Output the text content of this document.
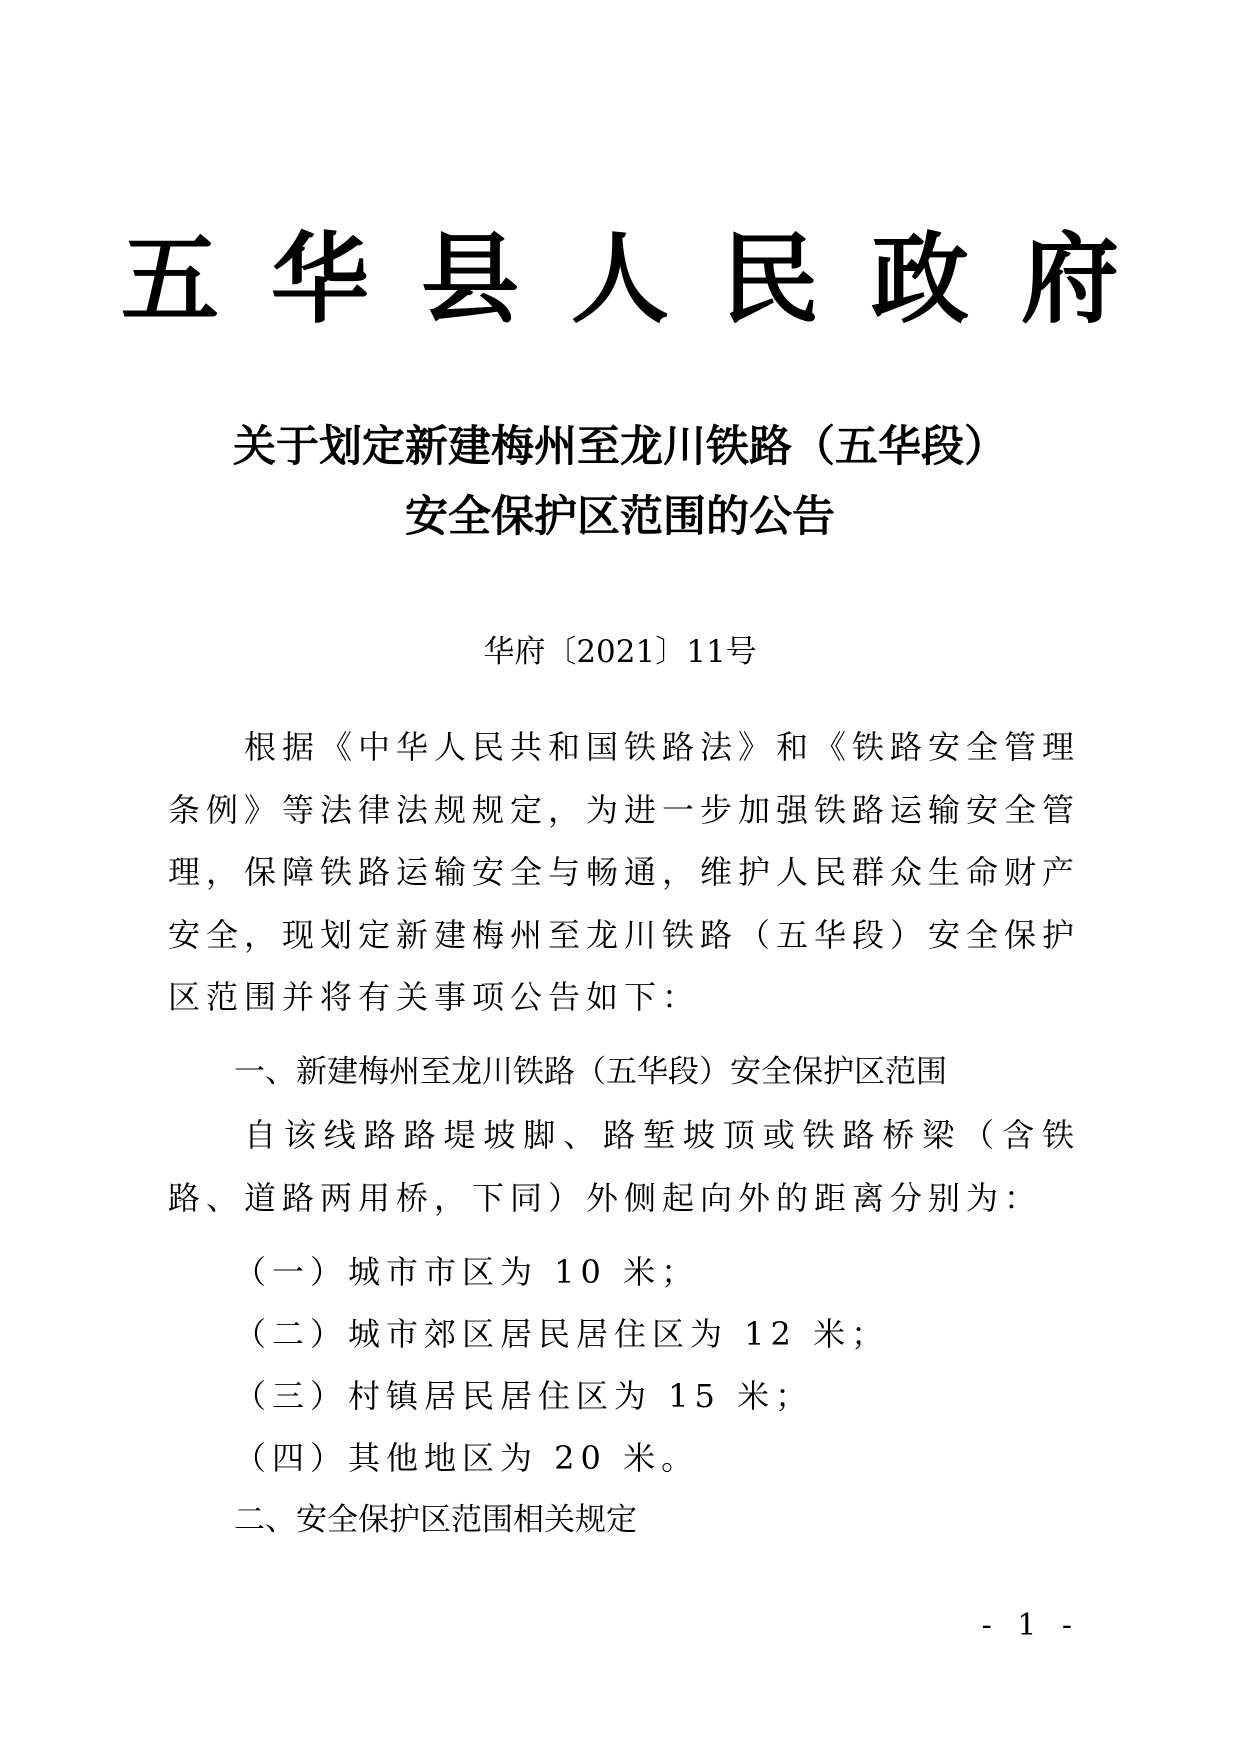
五华县人民政府
关于划定新建梅州至龙川铁路（五华段）
安全保护区范围的公告
华府〔2021〕11号

根据《中华人民共和国铁路法》和《铁路安全管理条例》等法律法规规定，为进一步加强铁路运输安全管理，保障铁路运输安全与畅通，维护人民群众生命财产安全，现划定新建梅州至龙川铁路（五华段）安全保护区范围并将有关事项公告如下：

一、新建梅州至龙川铁路（五华段）安全保护区范围

自该线路路堤坡脚、路堑坡顶或铁路桥梁（含铁路、道路两用桥，下同）外侧起向外的距离分别为：

（一）城市市区为 10 米；
（二）城市郊区居民居住区为 12 米；
（三）村镇居民居住区为 15 米；
（四）其他地区为 20 米。
二、安全保护区范围相关规定
- 1 -
